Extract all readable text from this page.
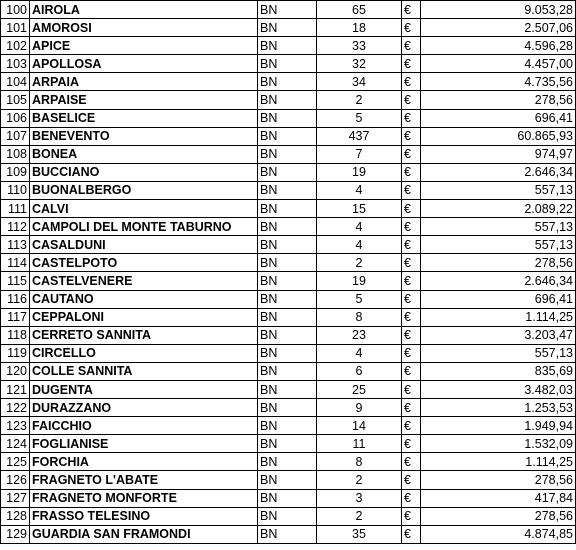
100	AIROLA	BN	65	€	9.053,28
101	AMOROSI	BN	18	€	2.507,06
102	APICE	BN	33	€	4.596,28
103	APOLLOSA	BN	32	€	4.457,00
104	ARPAIA	BN	34	€	4.735,56
105	ARPAISE	BN	2	€	278,56
106	BASELICE	BN	5	€	696,41
107	BENEVENTO	BN	437	€	60.865,93
108	BONEA	BN	7	€	974,97
109	BUCCIANO	BN	19	€	2.646,34
110	BUONALBERGO	BN	4	€	557,13
111	CALVI	BN	15	€	2.089,22
112	CAMPOLI DEL MONTE TABURNO	BN	4	€	557,13
113	CASALDUNI	BN	4	€	557,13
114	CASTELPOTO	BN	2	€	278,56
115	CASTELVENERE	BN	19	€	2.646,34
116	CAUTANO	BN	5	€	696,41
117	CEPPALONI	BN	8	€	1.114,25
118	CERRETO SANNITA	BN	23	€	3.203,47
119	CIRCELLO	BN	4	€	557,13
120	COLLE SANNITA	BN	6	€	835,69
121	DUGENTA	BN	25	€	3.482,03
122	DURAZZANO	BN	9	€	1.253,53
123	FAICCHIO	BN	14	€	1.949,94
124	FOGLIANISE	BN	11	€	1.532,09
125	FORCHIA	BN	8	€	1.114,25
126	FRAGNETO L'ABATE	BN	2	€	278,56
127	FRAGNETO MONFORTE	BN	3	€	417,84
128	FRASSO TELESINO	BN	2	€	278,56
129	GUARDIA SAN FRAMONDI	BN	35	€	4.874,85
